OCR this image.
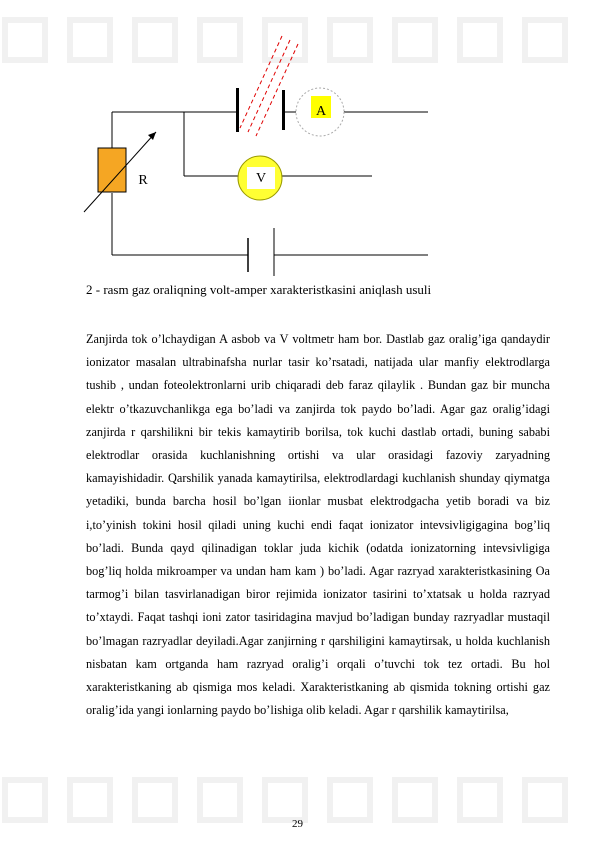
A
V
R
2 - rasm gaz oraliqning volt-amper xarakteristkasini aniqlash usuli

Zanjirda tok o’lchaydigan A asbob va V voltmetr ham bor. Dastlab gaz oralig’iga qandaydir ionizator masalan ultrabinafsha nurlar tasir ko’rsatadi, natijada ular manfiy elektrodlarga tushib , undan foteolektronlarni urib chiqaradi deb faraz qilaylik . Bundan gaz bir muncha elektr o’tkazuvchanlikga ega bo’ladi va zanjirda tok paydo bo’ladi. Agar gaz oralig’idagi zanjirda r qarshilikni bir tekis kamaytirib borilsa, tok kuchi dastlab ortadi, buning sababi elektrodlar orasida kuchlanishning ortishi va ular orasidagi fazoviy zaryadning kamayishidadir. Qarshilik yanada kamaytirilsa, elektrodlardagi kuchlanish shunday qiymatga yetadiki, bunda barcha hosil bo’lgan iionlar musbat elektrodgacha yetib boradi va biz i,to’yinish tokini hosil qiladi uning kuchi endi faqat ionizator intevsivligigagina bog’liq bo’ladi. Bunda qayd qilinadigan toklar juda kichik (odatda ionizatorning intevsivligiga bog’liq holda mikroamper va undan ham kam ) bo’ladi. Agar razryad xarakteristkasining Oa tarmog’i bilan tasvirlanadigan biror rejimida ionizator tasirini to’xtatsak u holda razryad to’xtaydi. Faqat tashqi ioni zator tasiridagina mavjud bo’ladigan bunday razryadlar mustaqil bo’lmagan razryadlar deyiladi.Agar zanjirning r qarshiligini kamaytirsak, u holda kuchlanish nisbatan kam ortganda ham razryad oralig’i orqali o’tuvchi tok tez ortadi. Bu hol xarakteristkaning ab qismiga mos keladi. Xarakteristkaning ab qismida tokning ortishi gaz oralig’ida yangi ionlarning paydo bo’lishiga olib keladi. Agar r qarshilik kamaytirilsa,

29
